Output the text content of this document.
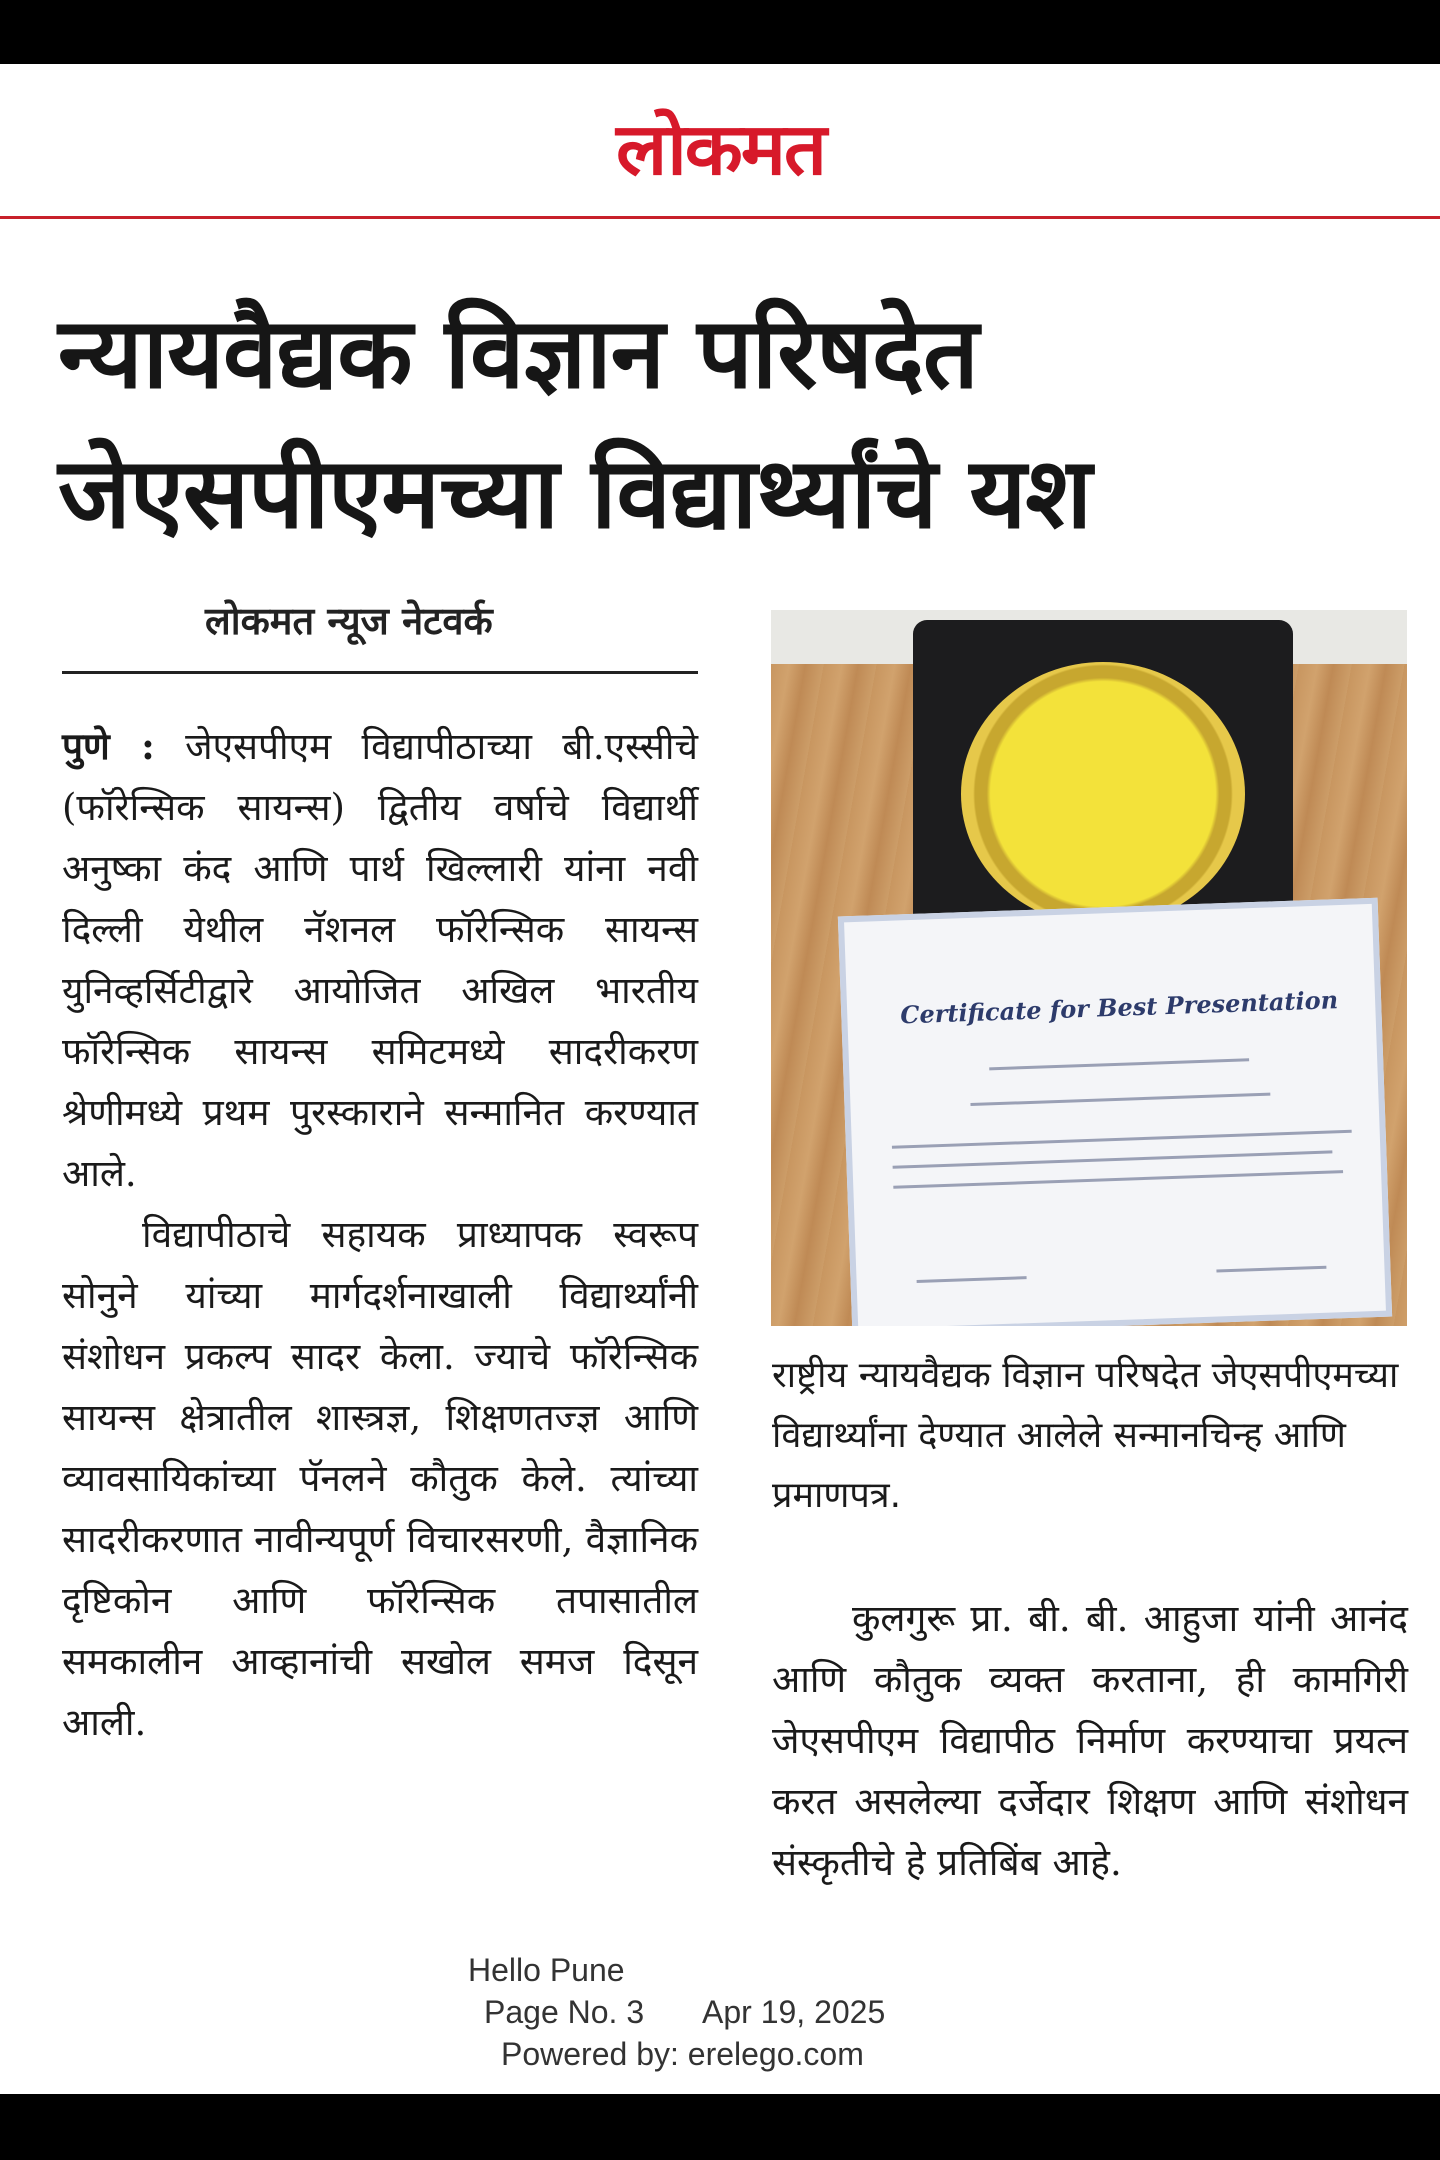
लोकमत
न्यायवैद्यक विज्ञान परिषदेत
जेएसपीएमच्या विद्यार्थ्यांचे यश
लोकमत न्यूज नेटवर्क

पुणे : जेएसपीएम विद्यापीठाच्या बी.एस्सीचे (फॉरेन्सिक सायन्स) द्वितीय वर्षाचे विद्यार्थी अनुष्का कंद आणि पार्थ खिल्लारी यांना नवी दिल्ली येथील नॅशनल फॉरेन्सिक सायन्स युनिव्हर्सिटीद्वारे आयोजित अखिल भारतीय फॉरेन्सिक सायन्स समिटमध्ये सादरीकरण श्रेणीमध्ये प्रथम पुरस्काराने सन्मानित करण्यात आले.

विद्यापीठाचे सहायक प्राध्यापक स्वरूप सोनुने यांच्या मार्गदर्शनाखाली विद्यार्थ्यांनी संशोधन प्रकल्प सादर केला. ज्याचे फॉरेन्सिक सायन्स क्षेत्रातील शास्त्रज्ञ, शिक्षणतज्ज्ञ आणि व्यावसायिकांच्या पॅनलने कौतुक केले. त्यांच्या सादरीकरणात नावीन्यपूर्ण विचारसरणी, वैज्ञानिक दृष्टिकोन आणि फॉरेन्सिक तपासातील समकालीन आव्हानांची सखोल समज दिसून आली.

Certificate for Best Presentation
राष्ट्रीय न्यायवैद्यक विज्ञान परिषदेत जेएसपीएमच्या विद्यार्थ्यांना देण्यात आलेले सन्मानचिन्ह आणि प्रमाणपत्र.
कुलगुरू प्रा. बी. बी. आहुजा यांनी आनंद आणि कौतुक व्यक्त करताना, ही कामगिरी जेएसपीएम विद्यापीठ निर्माण करण्याचा प्रयत्न करत असलेल्या दर्जेदार शिक्षण आणि संशोधन संस्कृतीचे हे प्रतिबिंब आहे.
Hello Pune
Page No. 3 Apr 19, 2025
Powered by: erelego.com
